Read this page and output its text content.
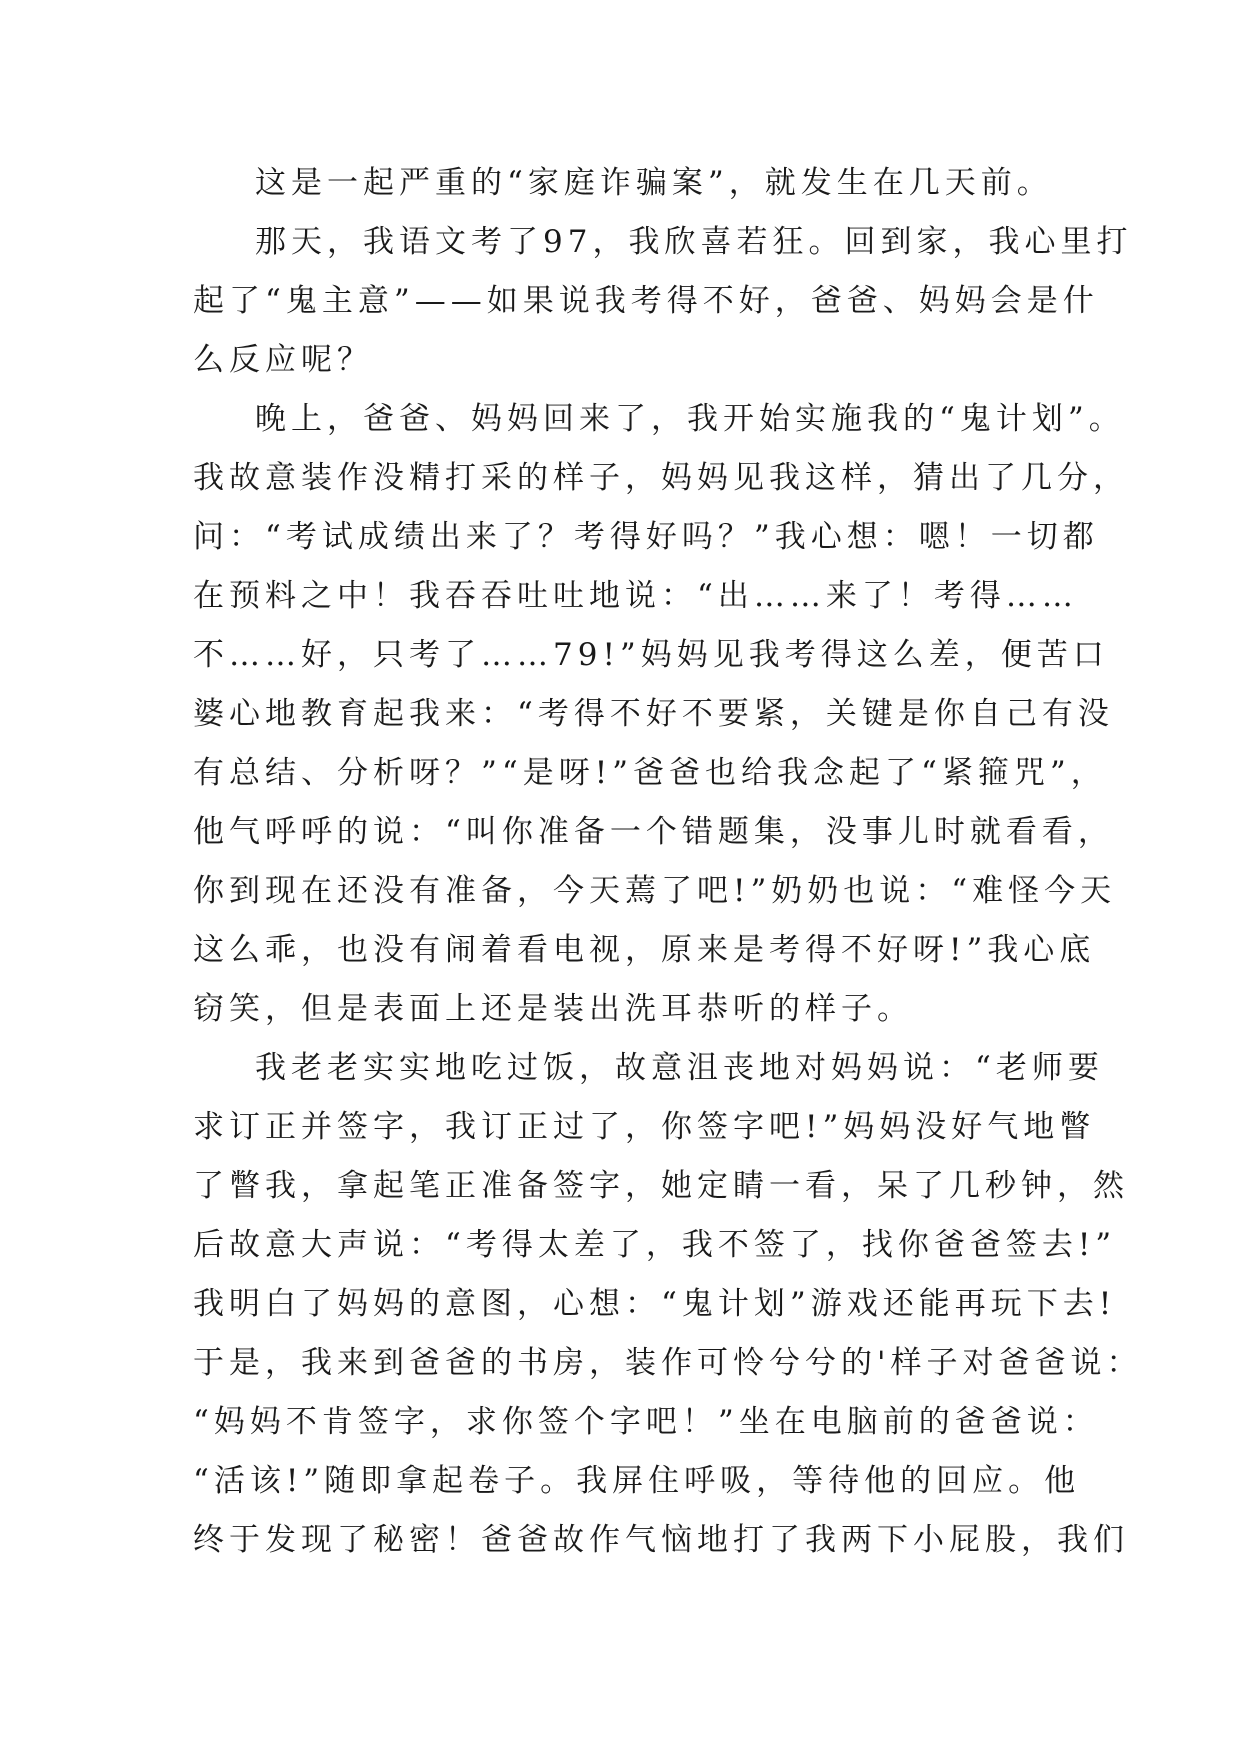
这是一起严重的“家庭诈骗案”，就发生在几天前。
那天，我语文考了97，我欣喜若狂。回到家，我心里打
起了“鬼主意”——如果说我考得不好，爸爸、妈妈会是什
么反应呢？
晚上，爸爸、妈妈回来了，我开始实施我的“鬼计划”。
我故意装作没精打采的样子，妈妈见我这样，猜出了几分，
问：“考试成绩出来了？考得好吗？”我心想：嗯！一切都
在预料之中！我吞吞吐吐地说：“出……来了！考得……
不……好，只考了……79!”妈妈见我考得这么差，便苦口
婆心地教育起我来：“考得不好不要紧，关键是你自己有没
有总结、分析呀？”“是呀!”爸爸也给我念起了“紧箍咒”，
他气呼呼的说：“叫你准备一个错题集，没事儿时就看看，
你到现在还没有准备，今天蔫了吧!”奶奶也说：“难怪今天
这么乖，也没有闹着看电视，原来是考得不好呀!”我心底
窃笑，但是表面上还是装出洗耳恭听的样子。
我老老实实地吃过饭，故意沮丧地对妈妈说：“老师要
求订正并签字，我订正过了，你签字吧!”妈妈没好气地瞥
了瞥我，拿起笔正准备签字，她定睛一看，呆了几秒钟，然
后故意大声说：“考得太差了，我不签了，找你爸爸签去!”
我明白了妈妈的意图，心想：“鬼计划”游戏还能再玩下去!
于是，我来到爸爸的书房，装作可怜兮兮的'样子对爸爸说：
“妈妈不肯签字，求你签个字吧！”坐在电脑前的爸爸说：
“活该!”随即拿起卷子。我屏住呼吸，等待他的回应。他
终于发现了秘密！爸爸故作气恼地打了我两下小屁股，我们
